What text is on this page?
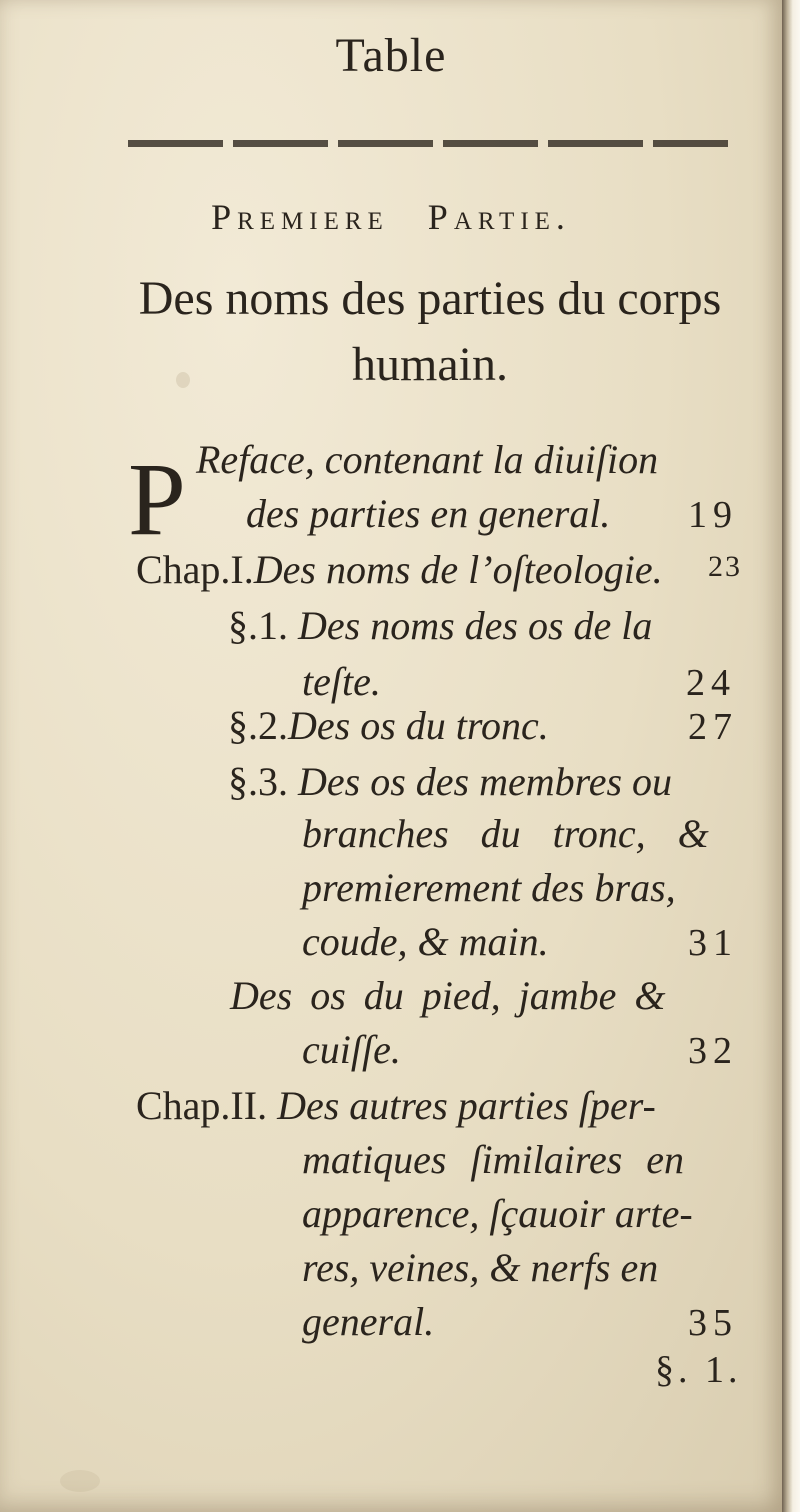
Table
Premiere Partie.
Des noms des parties du corps humain.
P Reface, contenant la diuiſion
des parties en general. 19
Chap.I.Des noms de l’oſteologie. 23
§.1. Des noms des os de la
teſte.	24
§.2.Des os du tronc.	27
§.3. Des os des membres ou
branches du tronc, &
premierement des bras,
coude, & main.	31
Des os du pied, jambe &
cuiſſe.	32
Chap.II. Des autres parties ſper-
matiques ſimilaires en
apparence, ſçauoir arte-
res, veines, & nerfs en
general.	35
§. 1.
